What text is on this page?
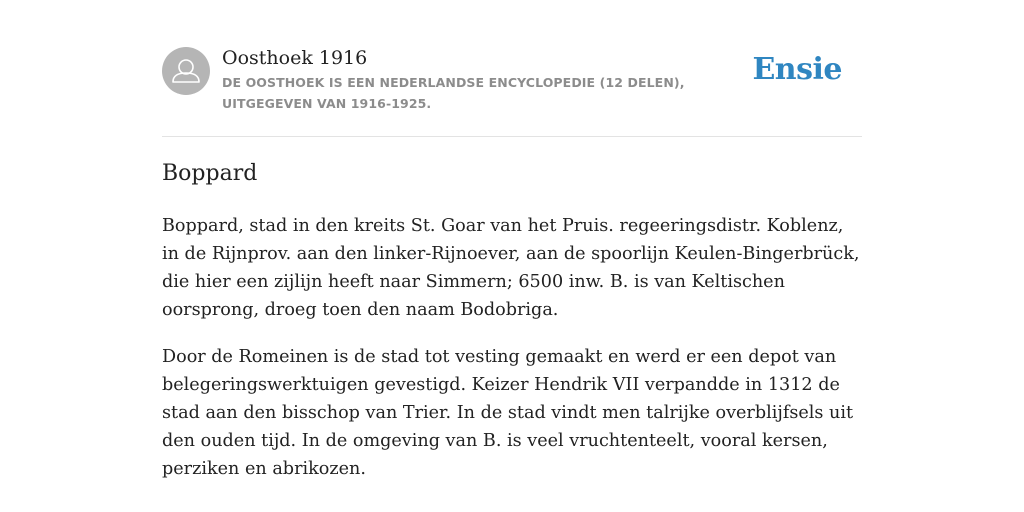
Oosthoek 1916
DE OOSTHOEK IS EEN NEDERLANDSE ENCYCLOPEDIE (12 DELEN), UITGEGEVEN VAN 1916-1925.
Ensie
Boppard

Boppard, stad in den kreits St. Goar van het Pruis. regeeringsdistr. Koblenz, in de Rijnprov. aan den linker-Rijnoever, aan de spoorlijn Keulen-Bingerbrück, die hier een zijlijn heeft naar Simmern; 6500 inw. B. is van Keltischen oorsprong, droeg toen den naam Bodobriga.

Door de Romeinen is de stad tot vesting gemaakt en werd er een depot van belegeringswerktuigen gevestigd. Keizer Hendrik VII verpandde in 1312 de stad aan den bisschop van Trier. In de stad vindt men talrijke overblijfsels uit den ouden tijd. In de omgeving van B. is veel vruchtenteelt, vooral kersen, perziken en abrikozen.
